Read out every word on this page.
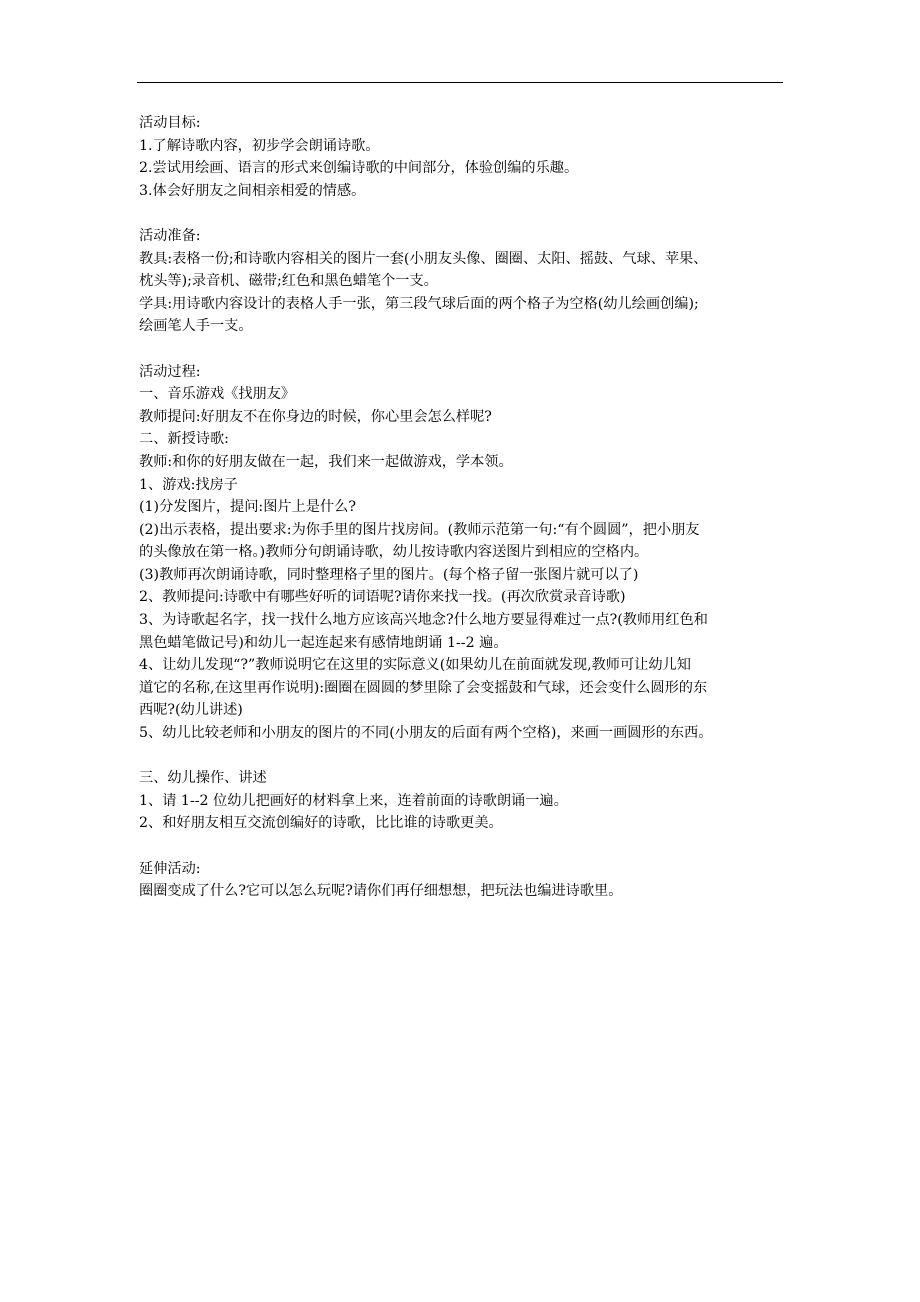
活动目标:
1.了解诗歌内容，初步学会朗诵诗歌。
2.尝试用绘画、语言的形式来创编诗歌的中间部分，体验创编的乐趣。
3.体会好朋友之间相亲相爱的情感。
活动准备:
教具:表格一份;和诗歌内容相关的图片一套(小朋友头像、圈圈、太阳、摇鼓、气球、苹果、
枕头等);录音机、磁带;红色和黑色蜡笔个一支。
学具:用诗歌内容设计的表格人手一张，第三段气球后面的两个格子为空格(幼儿绘画创编);
绘画笔人手一支。
活动过程:
一、音乐游戏《找朋友》
教师提问:好朋友不在你身边的时候，你心里会怎么样呢?
二、新授诗歌:
教师:和你的好朋友做在一起，我们来一起做游戏，学本领。
1、游戏:找房子
(1)分发图片，提问:图片上是什么?
(2)出示表格，提出要求:为你手里的图片找房间。(教师示范第一句:“有个圆圆”，把小朋友
的头像放在第一格。)教师分句朗诵诗歌，幼儿按诗歌内容送图片到相应的空格内。
(3)教师再次朗诵诗歌，同时整理格子里的图片。(每个格子留一张图片就可以了)
2、教师提问:诗歌中有哪些好听的词语呢?请你来找一找。(再次欣赏录音诗歌)
3、为诗歌起名字，找一找什么地方应该高兴地念?什么地方要显得难过一点?(教师用红色和
黑色蜡笔做记号)和幼儿一起连起来有感情地朗诵 1--2 遍。
4、让幼儿发现“?”教师说明它在这里的实际意义(如果幼儿在前面就发现,教师可让幼儿知
道它的名称,在这里再作说明):圈圈在圆圆的梦里除了会变摇鼓和气球，还会变什么圆形的东
西呢?(幼儿讲述)
5、幼儿比较老师和小朋友的图片的不同(小朋友的后面有两个空格)，来画一画圆形的东西。
三、幼儿操作、讲述
1、请 1--2 位幼儿把画好的材料拿上来，连着前面的诗歌朗诵一遍。
2、和好朋友相互交流创编好的诗歌，比比谁的诗歌更美。
延伸活动:
圈圈变成了什么?它可以怎么玩呢?请你们再仔细想想，把玩法也编进诗歌里。
